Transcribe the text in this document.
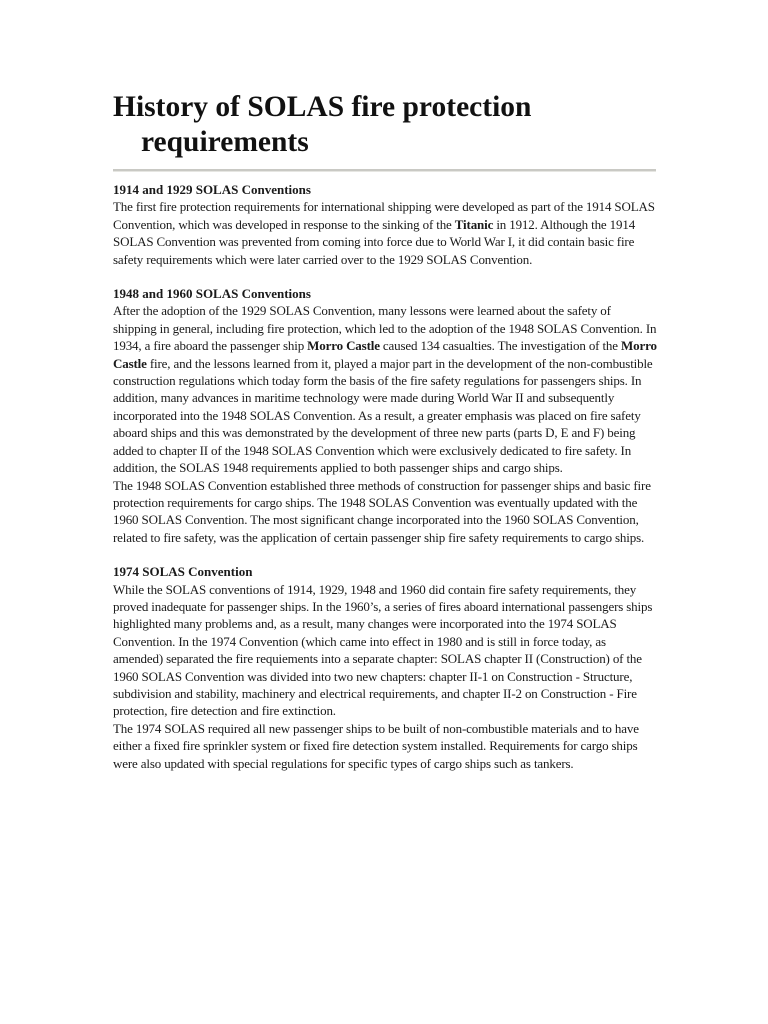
History of SOLAS fire protection requirements
1914 and 1929 SOLAS Conventions

The first fire protection requirements for international shipping were developed as part of the 1914 SOLAS Convention, which was developed in response to the sinking of the Titanic in 1912. Although the 1914 SOLAS Convention was prevented from coming into force due to World War I, it did contain basic fire safety requirements which were later carried over to the 1929 SOLAS Convention.

1948 and 1960 SOLAS Conventions

After the adoption of the 1929 SOLAS Convention, many lessons were learned about the safety of shipping in general, including fire protection, which led to the adoption of the 1948 SOLAS Convention. In 1934, a fire aboard the passenger ship Morro Castle caused 134 casualties. The investigation of the Morro Castle fire, and the lessons learned from it, played a major part in the development of the non-combustible construction regulations which today form the basis of the fire safety regulations for passengers ships. In addition, many advances in maritime technology were made during World War II and subsequently incorporated into the 1948 SOLAS Convention. As a result, a greater emphasis was placed on fire safety aboard ships and this was demonstrated by the development of three new parts (parts D, E and F) being added to chapter II of the 1948 SOLAS Convention which were exclusively dedicated to fire safety. In addition, the SOLAS 1948 requirements applied to both passenger ships and cargo ships.

The 1948 SOLAS Convention established three methods of construction for passenger ships and basic fire protection requirements for cargo ships. The 1948 SOLAS Convention was eventually updated with the 1960 SOLAS Convention. The most significant change incorporated into the 1960 SOLAS Convention, related to fire safety, was the application of certain passenger ship fire safety requirements to cargo ships.

1974 SOLAS Convention

While the SOLAS conventions of 1914, 1929, 1948 and 1960 did contain fire safety requirements, they proved inadequate for passenger ships. In the 1960’s, a series of fires aboard international passengers ships highlighted many problems and, as a result, many changes were incorporated into the 1974 SOLAS Convention. In the 1974 Convention (which came into effect in 1980 and is still in force today, as amended) separated the fire requiements into a separate chapter: SOLAS chapter II (Construction) of the 1960 SOLAS Convention was divided into two new chapters: chapter II-1 on Construction - Structure, subdivision and stability, machinery and electrical requirements, and chapter II-2 on Construction - Fire protection, fire detection and fire extinction.

The 1974 SOLAS required all new passenger ships to be built of non-combustible materials and to have either a fixed fire sprinkler system or fixed fire detection system installed. Requirements for cargo ships were also updated with special regulations for specific types of cargo ships such as tankers.
